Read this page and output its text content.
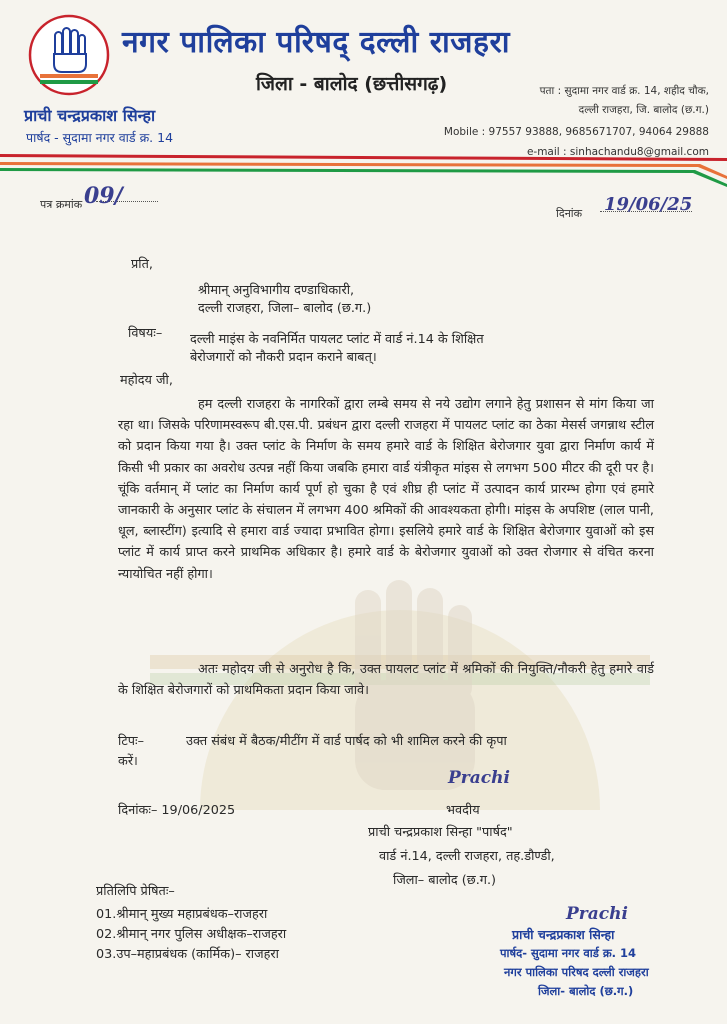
नगर पालिका परिषद् दल्ली राजहरा
जिला - बालोद (छत्तीसगढ़)
प्राची चन्द्रप्रकाश सिन्हा
पार्षद - सुदामा नगर वार्ड क्र. 14
पता : सुदामा नगर वार्ड क्र. 14, शहीद चौक,
दल्ली राजहरा, जि. बालोद (छ.ग.)
Mobile : 97557 93888, 9685671707, 94064 29888
e-mail : sinhachandu8@gmail.com
पत्र क्रमांक 09/
दिनांक 19/06/25
प्रति,
श्रीमान् अनुविभागीय दण्डाधिकारी,
दल्ली राजहरा, जिला– बालोद (छ.ग.)
विषयः– दल्ली माइंस के नवनिर्मित पायलट प्लांट में वार्ड नं.14 के शिक्षित
बेरोजगारों को नौकरी प्रदान कराने बाबत्।
महोदय जी,
हम दल्ली राजहरा के नागरिकों द्वारा लम्बे समय से नये उद्योग लगाने हेतु प्रशासन से मांग किया जा रहा था। जिसके परिणामस्वरूप बी.एस.पी. प्रबंधन द्वारा दल्ली राजहरा में पायलट प्लांट का ठेका मेसर्स जगन्नाथ स्टील को प्रदान किया गया है। उक्त प्लांट के निर्माण के समय हमारे वार्ड के शिक्षित बेरोजगार युवा द्वारा निर्माण कार्य में किसी भी प्रकार का अवरोध उत्पन्न नहीं किया जबकि हमारा वार्ड यंत्रीकृत मांइस से लगभग 500 मीटर की दूरी पर है। चूंकि वर्तमान् में प्लांट का निर्माण कार्य पूर्ण हो चुका है एवं शीघ्र ही प्लांट में उत्पादन कार्य प्रारम्भ होगा एवं हमारे जानकारी के अनुसार प्लांट के संचालन में लगभग 400 श्रमिकों की आवश्यकता होगी। मांइस के अपशिष्ट (लाल पानी, धूल, ब्लास्टींग) इत्यादि से हमारा वार्ड ज्यादा प्रभावित होगा। इसलिये हमारे वार्ड के शिक्षित बेरोजगार युवाओं को इस प्लांट में कार्य प्राप्त करने प्राथमिक अधिकार है। हमारे वार्ड के बेरोजगार युवाओं को उक्त रोजगार से वंचित करना न्यायोचित नहीं होगा।
अतः महोदय जी से अनुरोध है कि, उक्त पायलट प्लांट में श्रमिकों की नियुक्ति/नौकरी हेतु हमारे वार्ड के शिक्षित बेरोजगारों को प्राथमिकता प्रदान किया जावे।
टिपः–	उक्त संबंध में बैठक/मीटींग में वार्ड पार्षद को भी शामिल करने की कृपा
करें।
Prachi
दिनांकः– 19/06/2025	भवदीय
प्राची चन्द्रप्रकाश सिन्हा "पार्षद"
वार्ड नं.14, दल्ली राजहरा, तह.डौण्डी,
जिला– बालोद (छ.ग.)
प्रतिलिपि प्रेषितः–
01.श्रीमान् मुख्य महाप्रबंधक–राजहरा
02.श्रीमान् नगर पुलिस अधीक्षक–राजहरा
03.उप–महाप्रबंधक (कार्मिक)– राजहरा
Prachi
प्राची चन्द्रप्रकाश सिन्हा
पार्षद- सुदामा नगर वार्ड क्र. 14
नगर पालिका परिषद दल्ली राजहरा
जिला- बालोद (छ.ग.)
